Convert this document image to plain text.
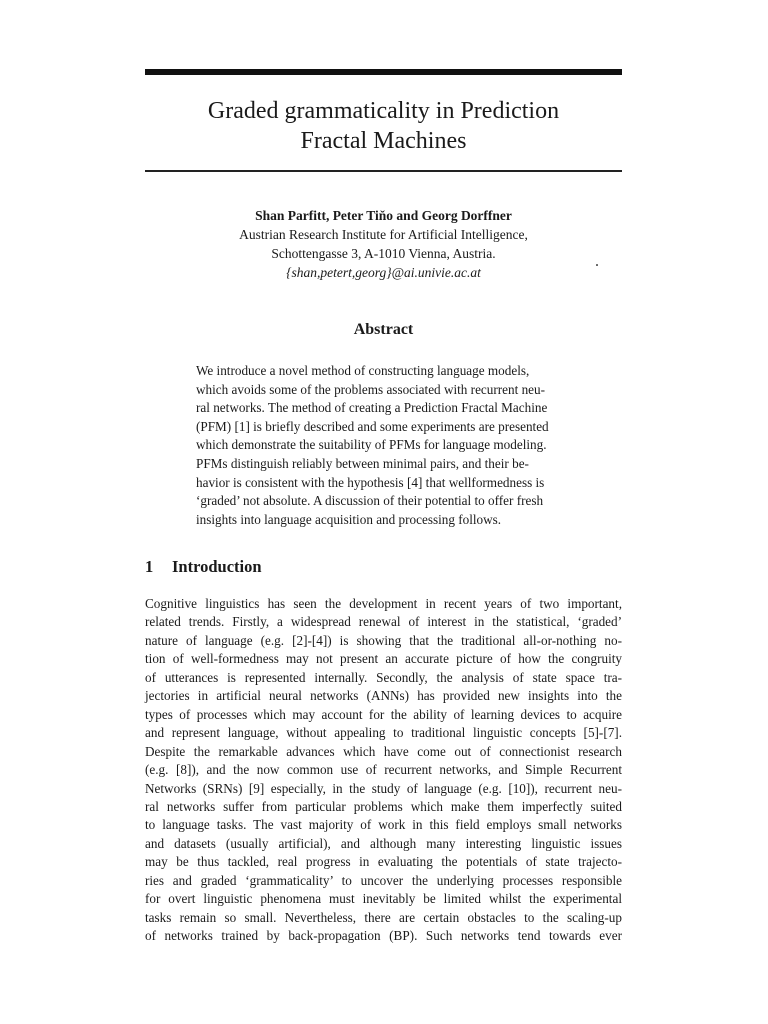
Graded grammaticality in Prediction
Fractal Machines
Shan Parfitt, Peter Tiňo and Georg Dorffner
Austrian Research Institute for Artificial Intelligence,
Schottengasse 3, A-1010 Vienna, Austria.
{shan,petert,georg}@ai.univie.ac.at
Abstract

We introduce a novel method of constructing language models,
which avoids some of the problems associated with recurrent neu-
ral networks. The method of creating a Prediction Fractal Machine
(PFM) [1] is briefly described and some experiments are presented
which demonstrate the suitability of PFMs for language modeling.
PFMs distinguish reliably between minimal pairs, and their be-
havior is consistent with the hypothesis [4] that wellformedness is
‘graded’ not absolute. A discussion of their potential to offer fresh
insights into language acquisition and processing follows.

1 Introduction

Cognitive linguistics has seen the development in recent years of two important,
related trends. Firstly, a widespread renewal of interest in the statistical, ‘graded’
nature of language (e.g. [2]-[4]) is showing that the traditional all-or-nothing no-
tion of well-formedness may not present an accurate picture of how the congruity
of utterances is represented internally. Secondly, the analysis of state space tra-
jectories in artificial neural networks (ANNs) has provided new insights into the
types of processes which may account for the ability of learning devices to acquire
and represent language, without appealing to traditional linguistic concepts [5]-[7].
Despite the remarkable advances which have come out of connectionist research
(e.g. [8]), and the now common use of recurrent networks, and Simple Recurrent
Networks (SRNs) [9] especially, in the study of language (e.g. [10]), recurrent neu-
ral networks suffer from particular problems which make them imperfectly suited
to language tasks. The vast majority of work in this field employs small networks
and datasets (usually artificial), and although many interesting linguistic issues
may be thus tackled, real progress in evaluating the potentials of state trajecto-
ries and graded ‘grammaticality’ to uncover the underlying processes responsible
for overt linguistic phenomena must inevitably be limited whilst the experimental
tasks remain so small. Nevertheless, there are certain obstacles to the scaling-up
of networks trained by back-propagation (BP). Such networks tend towards ever
